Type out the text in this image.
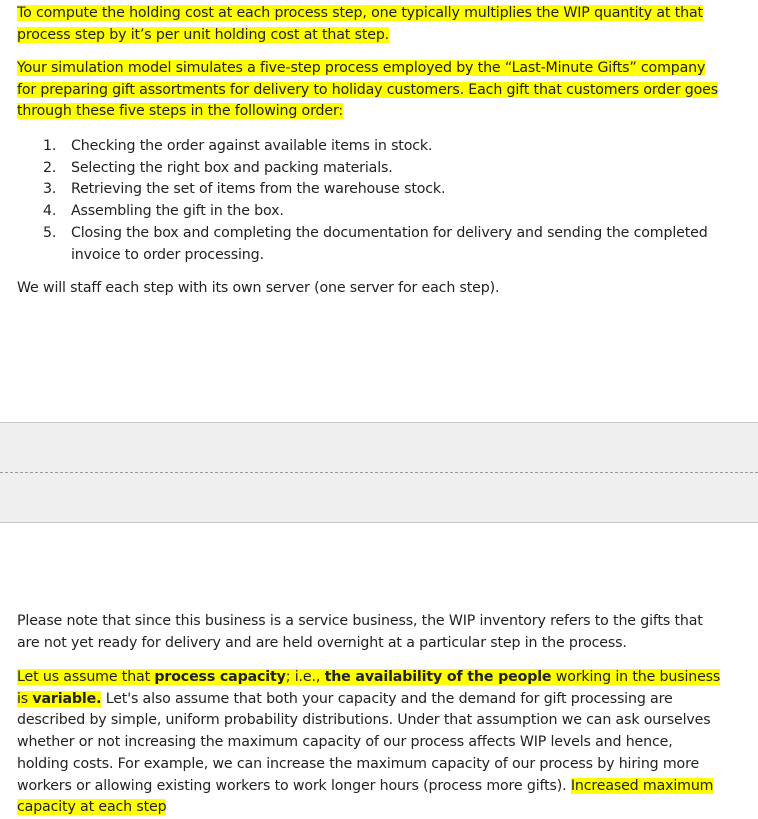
To compute the holding cost at each process step, one typically multiplies the WIP quantity at that process step by it’s per unit holding cost at that step.

Your simulation model simulates a five-step process employed by the “Last-Minute Gifts” company for preparing gift assortments for delivery to holiday customers. Each gift that customers order goes through these five steps in the following order:

1. Checking the order against available items in stock.
2. Selecting the right box and packing materials.
3. Retrieving the set of items from the warehouse stock.
4. Assembling the gift in the box.
5. Closing the box and completing the documentation for delivery and sending the completed invoice to order processing.

We will staff each step with its own server (one server for each step).

Please note that since this business is a service business, the WIP inventory refers to the gifts that are not yet ready for delivery and are held overnight at a particular step in the process.

Let us assume that process capacity; i.e., the availability of the people working in the business is variable. Let's also assume that both your capacity and the demand for gift processing are described by simple, uniform probability distributions. Under that assumption we can ask ourselves whether or not increasing the maximum capacity of our process affects WIP levels and hence, holding costs. For example, we can increase the maximum capacity of our process by hiring more workers or allowing existing workers to work longer hours (process more gifts). Increased maximum capacity at each step
